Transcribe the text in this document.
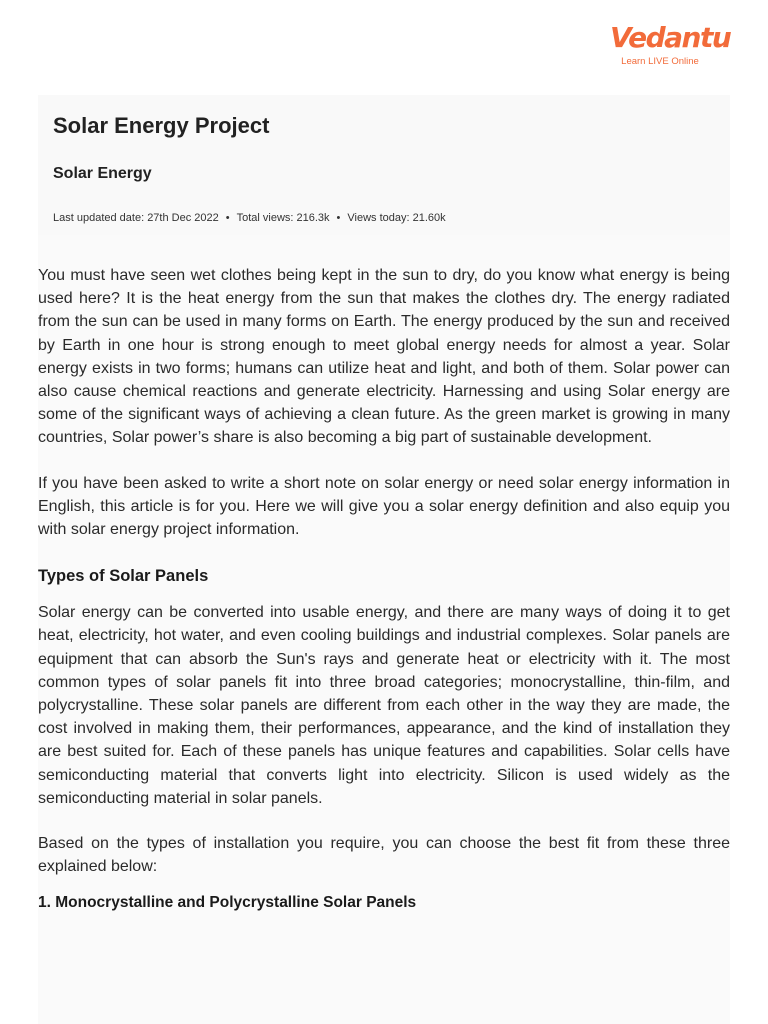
Vedantu
Learn LIVE Online
Solar Energy Project
Solar Energy
Last updated date: 27th Dec 2022 • Total views: 216.3k • Views today: 21.60k

You must have seen wet clothes being kept in the sun to dry, do you know what energy is being used here? It is the heat energy from the sun that makes the clothes dry. The energy radiated from the sun can be used in many forms on Earth. The energy produced by the sun and received by Earth in one hour is strong enough to meet global energy needs for almost a year. Solar energy exists in two forms; humans can utilize heat and light, and both of them. Solar power can also cause chemical reactions and generate electricity. Harnessing and using Solar energy are some of the significant ways of achieving a clean future. As the green market is growing in many countries, Solar power’s share is also becoming a big part of sustainable development.

If you have been asked to write a short note on solar energy or need solar energy information in English, this article is for you. Here we will give you a solar energy definition and also equip you with solar energy project information.

Types of Solar Panels

Solar energy can be converted into usable energy, and there are many ways of doing it to get heat, electricity, hot water, and even cooling buildings and industrial complexes. Solar panels are equipment that can absorb the Sun's rays and generate heat or electricity with it. The most common types of solar panels fit into three broad categories; monocrystalline, thin-film, and polycrystalline. These solar panels are different from each other in the way they are made, the cost involved in making them, their performances, appearance, and the kind of installation they are best suited for. Each of these panels has unique features and capabilities. Solar cells have semiconducting material that converts light into electricity. Silicon is used widely as the semiconducting material in solar panels.

Based on the types of installation you require, you can choose the best fit from these three explained below:

1. Monocrystalline and Polycrystalline Solar Panels
